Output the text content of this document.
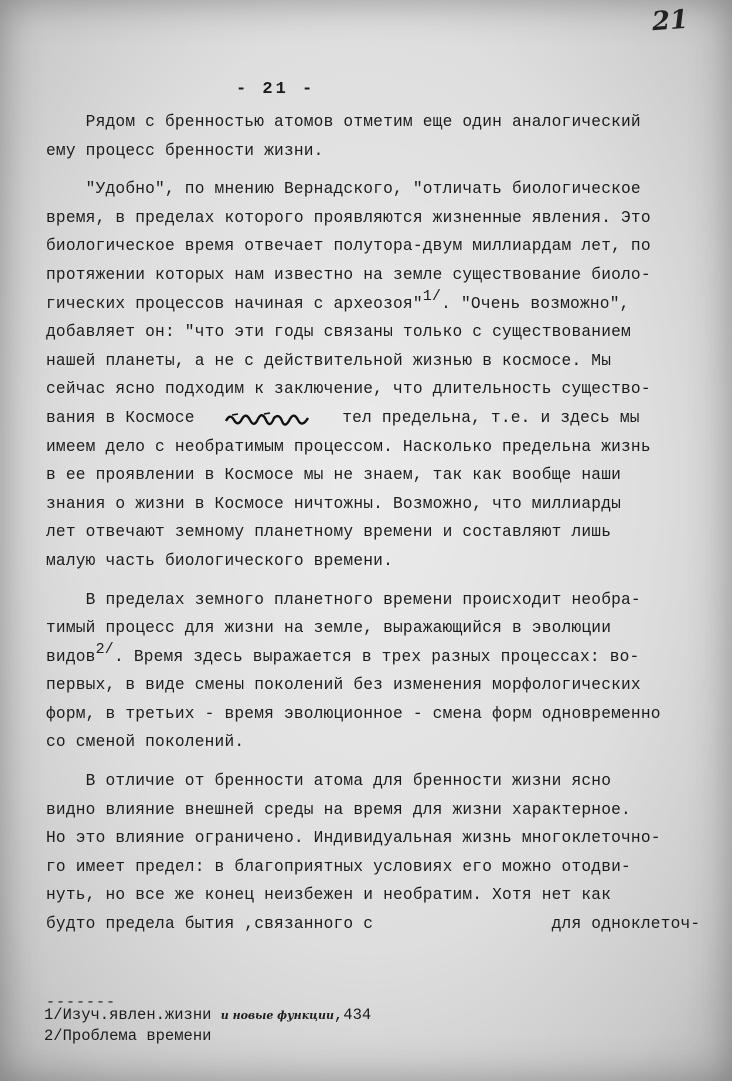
21
- 21 -
Рядом с бренностью атомов отметим еще один аналогический
ему процесс бренности жизни.
"Удобно", по мнению Вернадского, "отличать биологическое
время, в пределах которого проявляются жизненные явления. Это
биологическое время отвечает полутора-двум миллиардам лет, по
протяжении которых нам известно на земле существование биоло-
гических процессов начиная с археозоя"1/. "Очень возможно",
добавляет он: "что эти годы связаны только с существованием
нашей планеты, а не с действительной жизнью в космосе. Мы
сейчас ясно подходим к заключение, что длительность существо-
вания в Космосе	тел предельна, т.е. и здесь мы
имеем дело с необратимым процессом. Насколько предельна жизнь
в ее проявлении в Космосе мы не знаем, так как вообще наши
знания о жизни в Космосе ничтожны. Возможно, что миллиарды
лет отвечают земному планетному времени и составляют лишь
малую часть биологического времени.
В пределах земного планетного времени происходит необра-
тимый процесс для жизни на земле, выражающийся в эволюции
видов2/. Время здесь выражается в трех разных процессах: во-
первых, в виде смены поколений без изменения морфологических
форм, в третьих - время эволюционное - смена форм одновременно
со сменой поколений.
В отличие от бренности атома для бренности жизни ясно
видно влияние внешней среды на время для жизни характерное.
Но это влияние ограничено. Индивидуальная жизнь многоклеточно-
го имеет предел: в благоприятных условиях его можно отодви-
нуть, но все же конец неизбежен и необратим. Хотя нет как
будто предела бытия ,связанного с                  для одноклеточ-
-------
1/Изуч.явлен.жизни и новые функции,434
2/Проблема времени
